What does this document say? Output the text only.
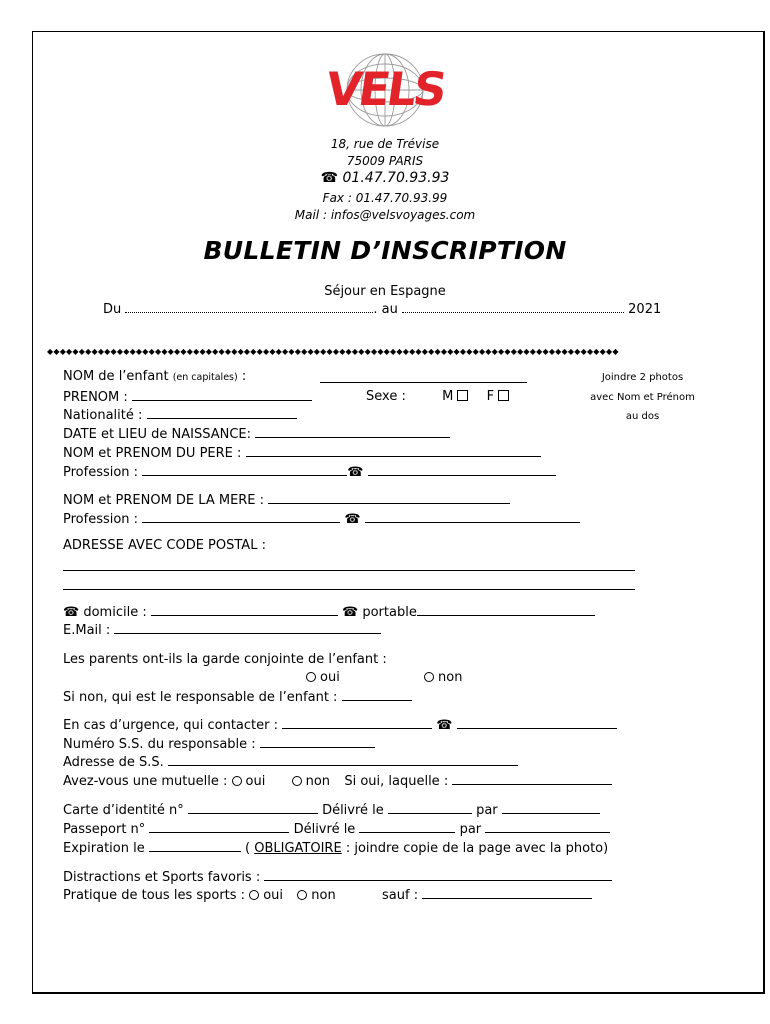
VELS
18, rue de Trévise
75009 PARIS
☎ 01.47.70.93.93
Fax : 01.47.70.93.99
Mail : infos@velsvoyages.com
BULLETIN D’INSCRIPTION
Séjour en Espagne
Du	. au	2021
◆◆◆◆◆◆◆◆◆◆◆◆◆◆◆◆◆◆◆◆◆◆◆◆◆◆◆◆◆◆◆◆◆◆◆◆◆◆◆◆◆◆◆◆◆◆◆◆◆◆◆◆◆◆◆◆◆◆◆◆◆◆◆◆◆◆◆◆◆◆◆◆◆◆◆◆◆◆◆◆◆◆◆◆◆◆◆◆◆◆
Joindre 2 photos
avec Nom et Prénom
au dos
NOM de l’enfant (en capitales) :
PRENOM :	Sexe :	M	F
Nationalité :
DATE et LIEU de NAISSANCE:
NOM et PRENOM DU PERE :
Profession :	☎
NOM et PRENOM DE LA MERE :
Profession :	☎
ADRESSE AVEC CODE POSTAL :
☎ domicile :	☎ portable
E.Mail :
Les parents ont-ils la garde conjointe de l’enfant :
oui	non
Si non, qui est le responsable de l’enfant :
En cas d’urgence, qui contacter :	☎
Numéro S.S. du responsable :
Adresse de S.S.
Avez-vous une mutuelle : oui	non Si oui, laquelle :
Carte d’identité n°	Délivré le	par
Passeport n°	Délivré le	par
Expiration le	( OBLIGATOIRE : joindre copie de la page avec la photo)
Distractions et Sports favoris :
Pratique de tous les sports : oui non	sauf :
